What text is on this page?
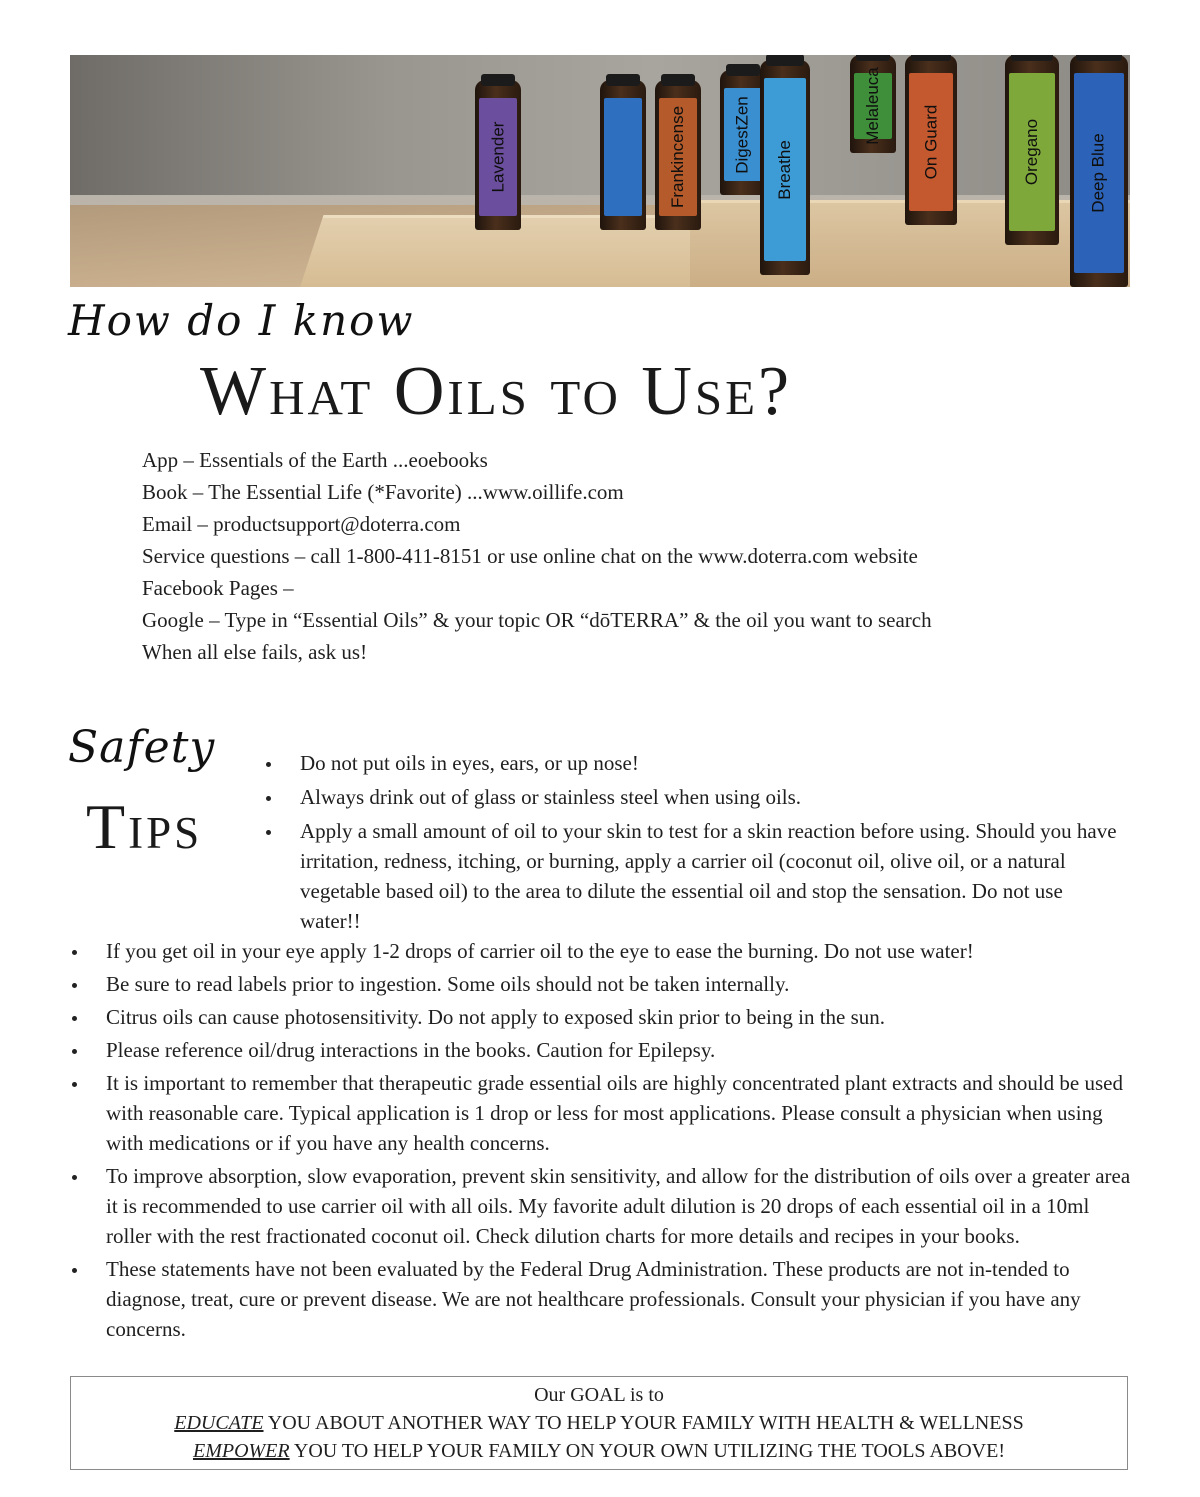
Lavender	Frankincense	DigestZen Breathe
Melaleuca On Guard	Oregano	Deep Blue
How do I know
What Oils to Use?
App – Essentials of the Earth ...eoebooks
Book – The Essential Life (*Favorite) ...www.oillife.com
Email – productsupport@doterra.com
Service questions – call 1-800-411-8151 or use online chat on the www.doterra.com website
Facebook Pages –
Google – Type in “Essential Oils” & your topic OR “dōTERRA” & the oil you want to search
When all else fails, ask us!
Safety
Tips
Do not put oils in eyes, ears, or up nose!
Always drink out of glass or stainless steel when using oils.
Apply a small amount of oil to your skin to test for a skin reaction before using. Should you have irritation, redness, itching, or burning, apply a carrier oil (coconut oil, olive oil, or a natural vegetable based oil) to the area to dilute the essential oil and stop the sensation. Do not use water!!
If you get oil in your eye apply 1-2 drops of carrier oil to the eye to ease the burning. Do not use water!
Be sure to read labels prior to ingestion. Some oils should not be taken internally.
Citrus oils can cause photosensitivity. Do not apply to exposed skin prior to being in the sun.
Please reference oil/drug interactions in the books. Caution for Epilepsy.
It is important to remember that therapeutic grade essential oils are highly concentrated plant extracts and should be used with reasonable care. Typical application is 1 drop or less for most applications. Please consult a physician when using with medications or if you have any health concerns.
To improve absorption, slow evaporation, prevent skin sensitivity, and allow for the distribution of oils over a greater area it is recommended to use carrier oil with all oils. My favorite adult dilution is 20 drops of each essential oil in a 10ml roller with the rest fractionated coconut oil. Check dilution charts for more details and recipes in your books.
These statements have not been evaluated by the Federal Drug Administration. These products are not in-tended to diagnose, treat, cure or prevent disease. We are not healthcare professionals. Consult your physician if you have any concerns.
Our GOAL is to
EDUCATE YOU ABOUT ANOTHER WAY TO HELP YOUR FAMILY WITH HEALTH & WELLNESS
EMPOWER YOU TO HELP YOUR FAMILY ON YOUR OWN UTILIZING THE TOOLS ABOVE!
